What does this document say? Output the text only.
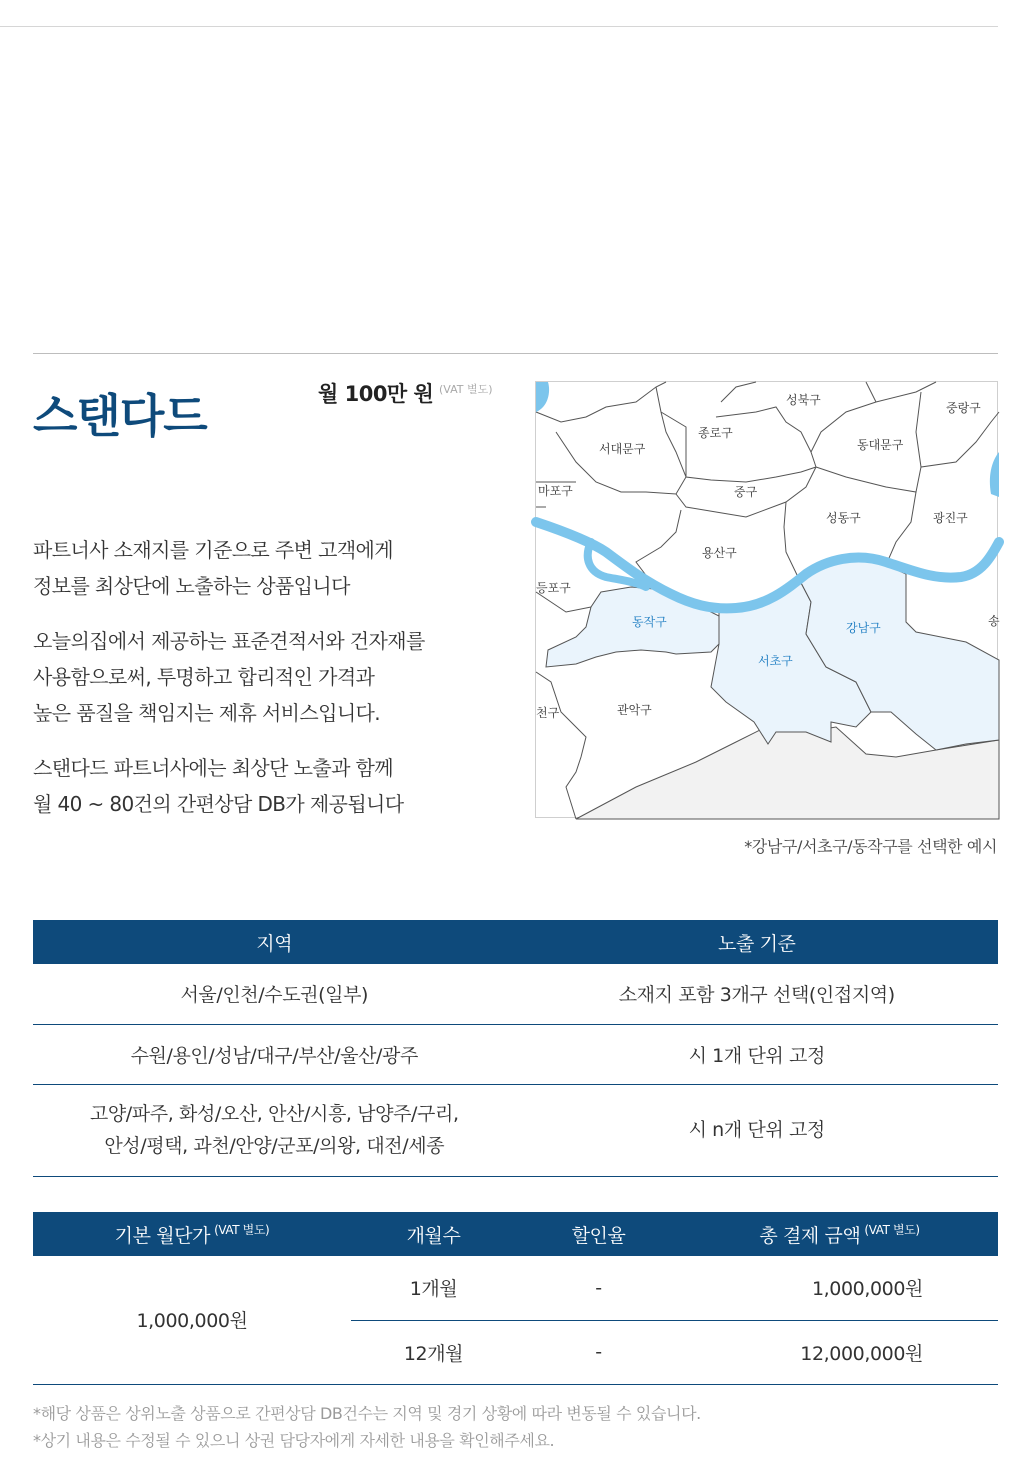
스탠다드	월 100만 원 (VAT 별도)
파트너사 소재지를 기준으로 주변 고객에게
정보를 최상단에 노출하는 상품입니다
오늘의집에서 제공하는 표준견적서와 건자재를
사용함으로써, 투명하고 합리적인 가격과
높은 품질을 책임지는 제휴 서비스입니다.
스탠다드 파트너사에는 최상단 노출과 함께
월 40 ~ 80건의 간편상담 DB가 제공됩니다
성북구
중랑구
종로구
서대문구	동대문구
마포구	중구
성동구	광진구
용산구
등포구
동작구	강남구
서초구
관악구
천구
송
*강남구/서초구/동작구를 선택한 예시
지역	노출 기준

서울/인천/수도권(일부)	소재지 포함 3개구 선택(인접지역)

수원/용인/성남/대구/부산/울산/광주	시 1개 단위 고정

고양/파주, 화성/오산, 안산/시흥, 남양주/구리,
안성/평택, 과천/안양/군포/의왕, 대전/세종	시 n개 단위 고정
기본 월단가 $^{(VAT 별도)}$	개월수	할인율	총 결제 금액 $^{(VAT 별도)}$
1,000,000원	1개월	-	1,000,000원
	12개월	-	12,000,000원
*해당 상품은 상위노출 상품으로 간편상담 DB건수는 지역 및 경기 상황에 따라 변동될 수 있습니다.
*상기 내용은 수정될 수 있으니 상권 담당자에게 자세한 내용을 확인해주세요.
